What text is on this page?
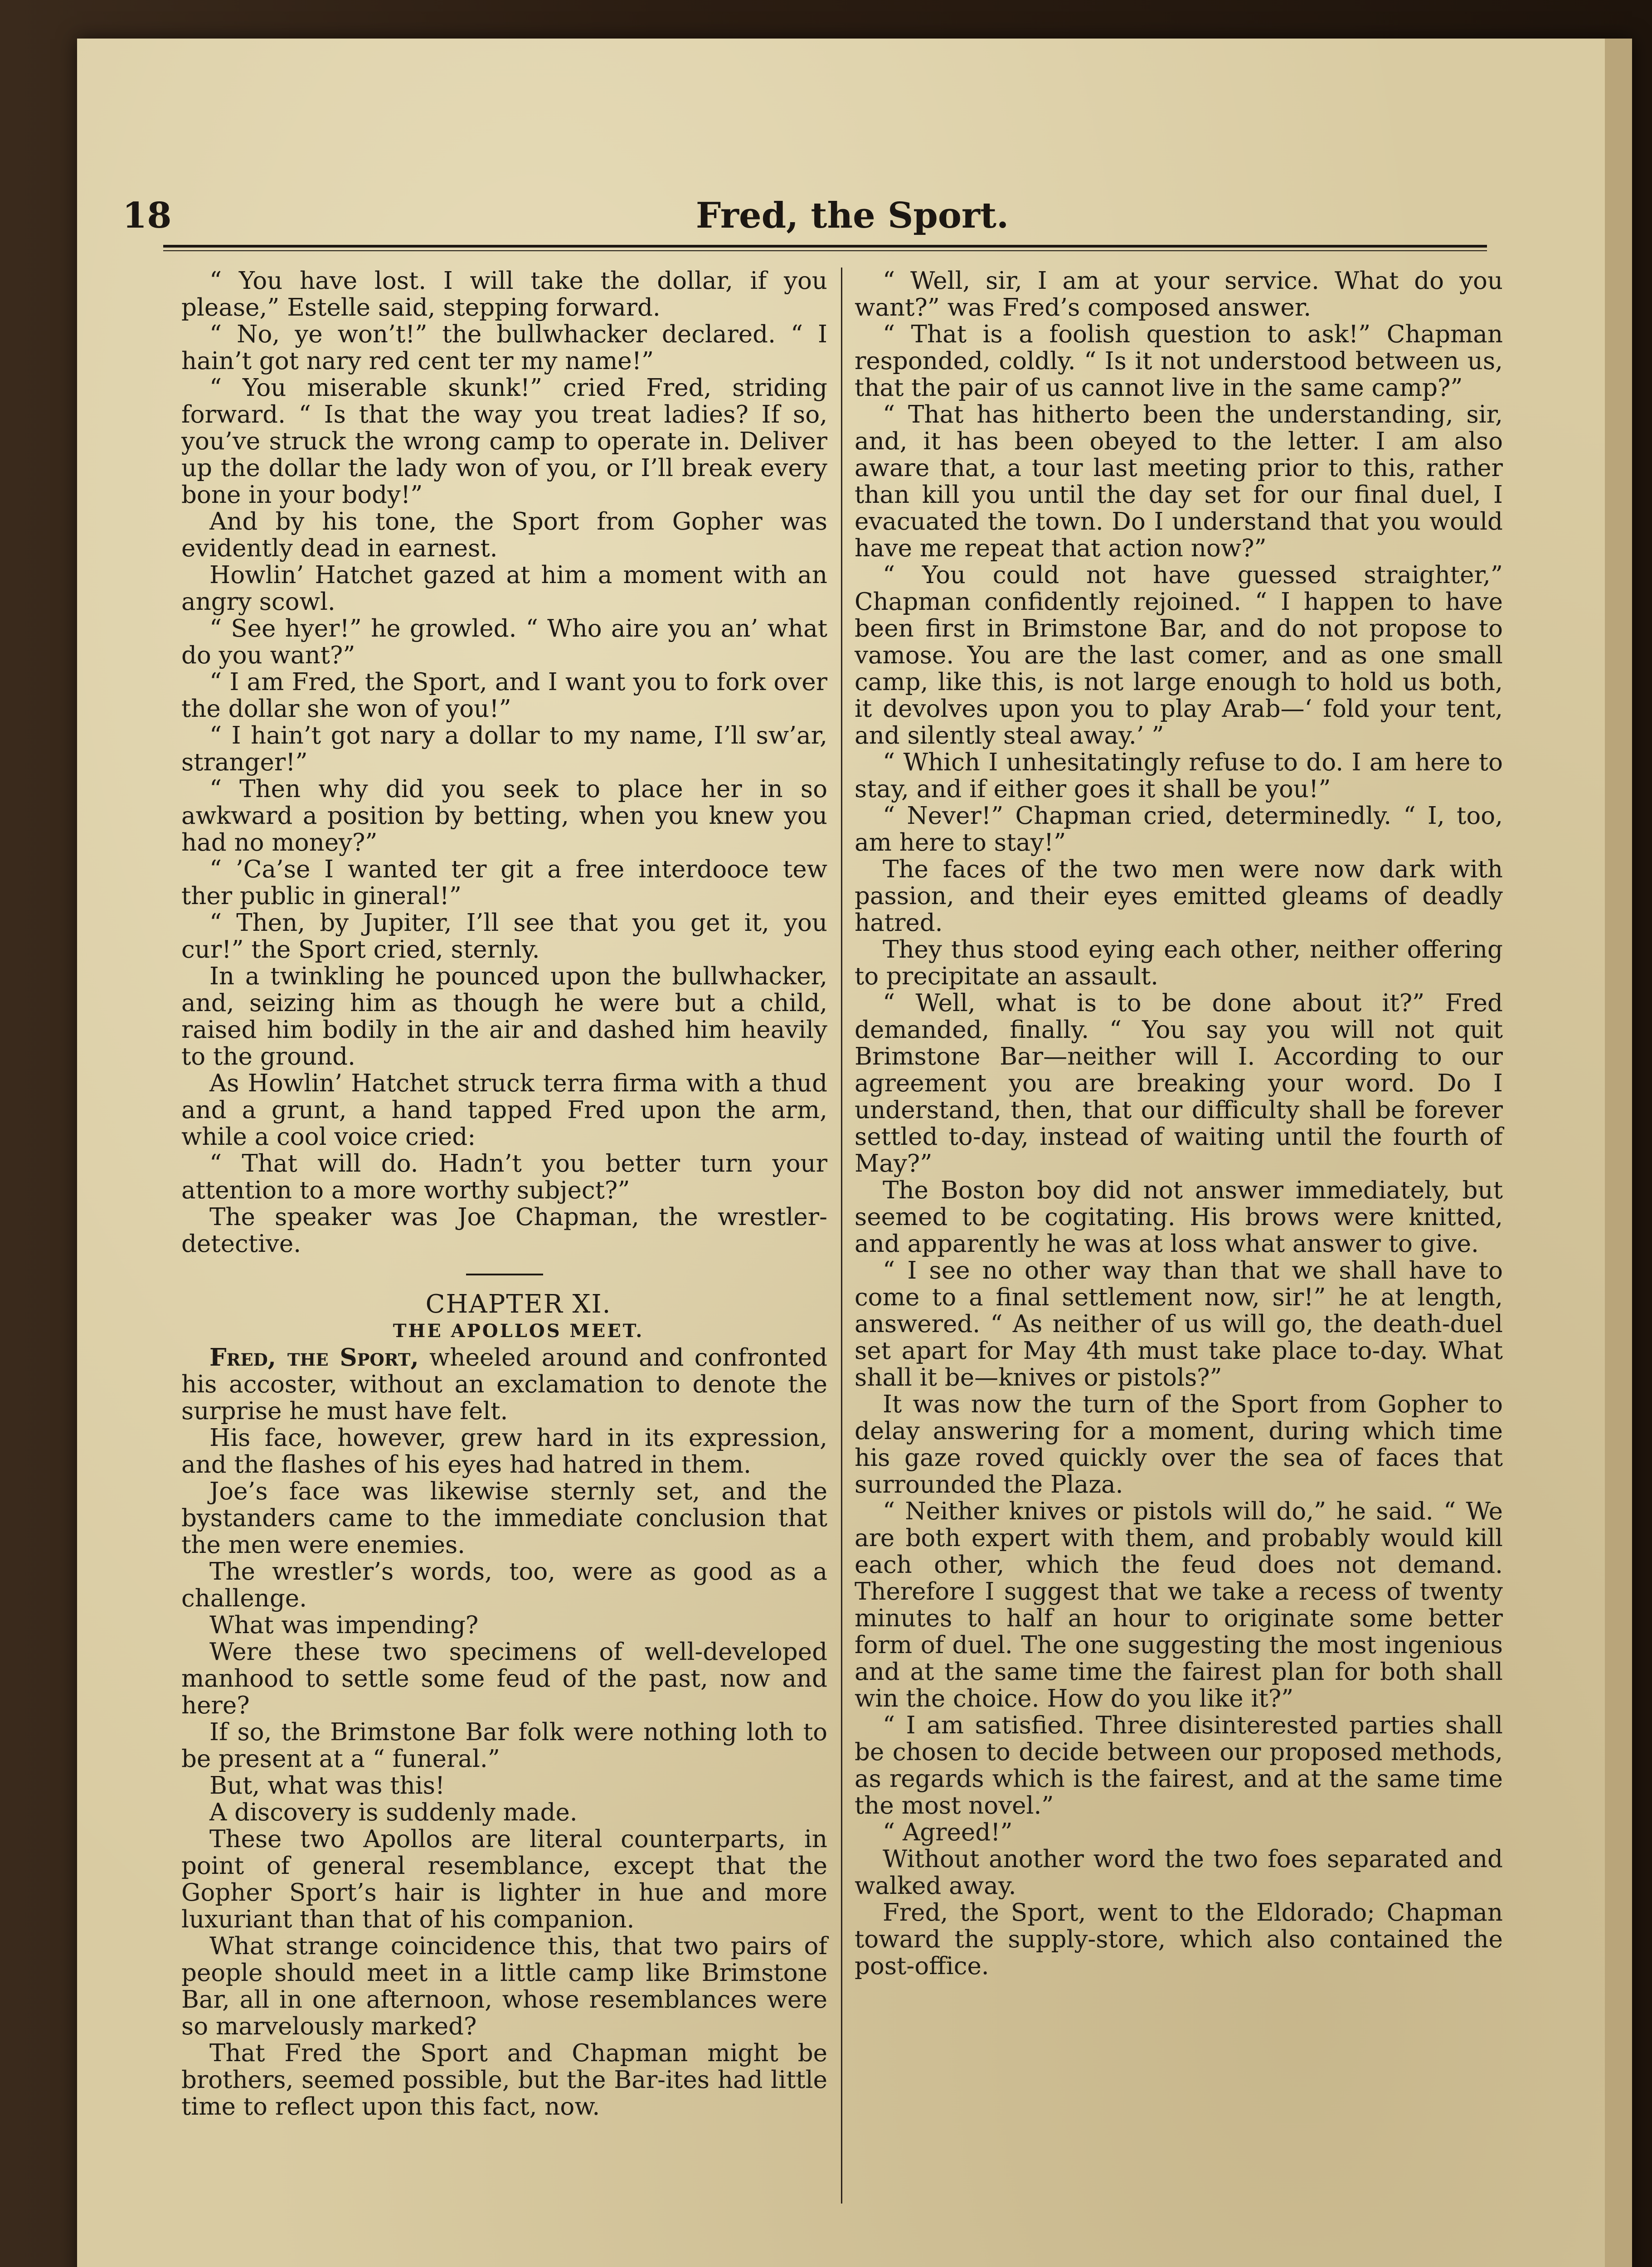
18	Fred, the Sport.

“ You have lost. I will take the dollar, if you please,” Estelle said, stepping forward.

“ No, ye won’t!” the bullwhacker declared. “ I hain’t got nary red cent ter my name!”

“ You miserable skunk!” cried Fred, striding forward. “ Is that the way you treat ladies? If so, you’ve struck the wrong camp to operate in. Deliver up the dollar the lady won of you, or I’ll break every bone in your body!”

And by his tone, the Sport from Gopher was evidently dead in earnest.

Howlin’ Hatchet gazed at him a moment with an angry scowl.

“ See hyer!” he growled. “ Who aire you an’ what do you want?”

“ I am Fred, the Sport, and I want you to fork over the dollar she won of you!”

“ I hain’t got nary a dollar to my name, I’ll sw’ar, stranger!”

“ Then why did you seek to place her in so awkward a position by betting, when you knew you had no money?”

“ ’Ca’se I wanted ter git a free interdooce tew ther public in gineral!”

“ Then, by Jupiter, I’ll see that you get it, you cur!” the Sport cried, sternly.

In a twinkling he pounced upon the bullwhacker, and, seizing him as though he were but a child, raised him bodily in the air and dashed him heavily to the ground.

As Howlin’ Hatchet struck terra firma with a thud and a grunt, a hand tapped Fred upon the arm, while a cool voice cried:

“ That will do. Hadn’t you better turn your attention to a more worthy subject?”

The speaker was Joe Chapman, the wrestler-detective.

CHAPTER XI.

THE APOLLOS MEET.

Fred, the Sport, wheeled around and confronted his accoster, without an exclamation to denote the surprise he must have felt.

His face, however, grew hard in its expression, and the flashes of his eyes had hatred in them.

Joe’s face was likewise sternly set, and the bystanders came to the immediate conclusion that the men were enemies.

The wrestler’s words, too, were as good as a challenge.

What was impending?

Were these two specimens of well-developed manhood to settle some feud of the past, now and here?

If so, the Brimstone Bar folk were nothing loth to be present at a “ funeral.”

But, what was this!

A discovery is suddenly made.

These two Apollos are literal counterparts, in point of general resemblance, except that the Gopher Sport’s hair is lighter in hue and more luxuriant than that of his companion.

What strange coincidence this, that two pairs of people should meet in a little camp like Brimstone Bar, all in one afternoon, whose resemblances were so marvelously marked?

That Fred the Sport and Chapman might be brothers, seemed possible, but the Bar-ites had little time to reflect upon this fact, now.

“ Well, sir, I am at your service. What do you want?” was Fred’s composed answer.

“ That is a foolish question to ask!” Chapman responded, coldly. “ Is it not understood between us, that the pair of us cannot live in the same camp?”

“ That has hitherto been the understanding, sir, and, it has been obeyed to the letter. I am also aware that, a tour last meeting prior to this, rather than kill you until the day set for our final duel, I evacuated the town. Do I understand that you would have me repeat that action now?”

“ You could not have guessed straighter,” Chapman confidently rejoined. “ I happen to have been first in Brimstone Bar, and do not propose to vamose. You are the last comer, and as one small camp, like this, is not large enough to hold us both, it devolves upon you to play Arab—‘ fold your tent, and silently steal away.’ ”

“ Which I unhesitatingly refuse to do. I am here to stay, and if either goes it shall be you!”

“ Never!” Chapman cried, determinedly. “ I, too, am here to stay!”

The faces of the two men were now dark with passion, and their eyes emitted gleams of deadly hatred.

They thus stood eying each other, neither offering to precipitate an assault.

“ Well, what is to be done about it?” Fred demanded, finally. “ You say you will not quit Brimstone Bar—neither will I. According to our agreement you are breaking your word. Do I understand, then, that our difficulty shall be forever settled to-day, instead of waiting until the fourth of May?”

The Boston boy did not answer immediately, but seemed to be cogitating. His brows were knitted, and apparently he was at loss what answer to give.

“ I see no other way than that we shall have to come to a final settlement now, sir!” he at length, answered. “ As neither of us will go, the death-duel set apart for May 4th must take place to-day. What shall it be—knives or pistols?”

It was now the turn of the Sport from Gopher to delay answering for a moment, during which time his gaze roved quickly over the sea of faces that surrounded the Plaza.

“ Neither knives or pistols will do,” he said. “ We are both expert with them, and probably would kill each other, which the feud does not demand. Therefore I suggest that we take a recess of twenty minutes to half an hour to originate some better form of duel. The one suggesting the most ingenious and at the same time the fairest plan for both shall win the choice. How do you like it?”

“ I am satisfied. Three disinterested parties shall be chosen to decide between our proposed methods, as regards which is the fairest, and at the same time the most novel.”

“ Agreed!”

Without another word the two foes separated and walked away.

Fred, the Sport, went to the Eldorado; Chapman toward the supply-store, which also contained the post-office.
